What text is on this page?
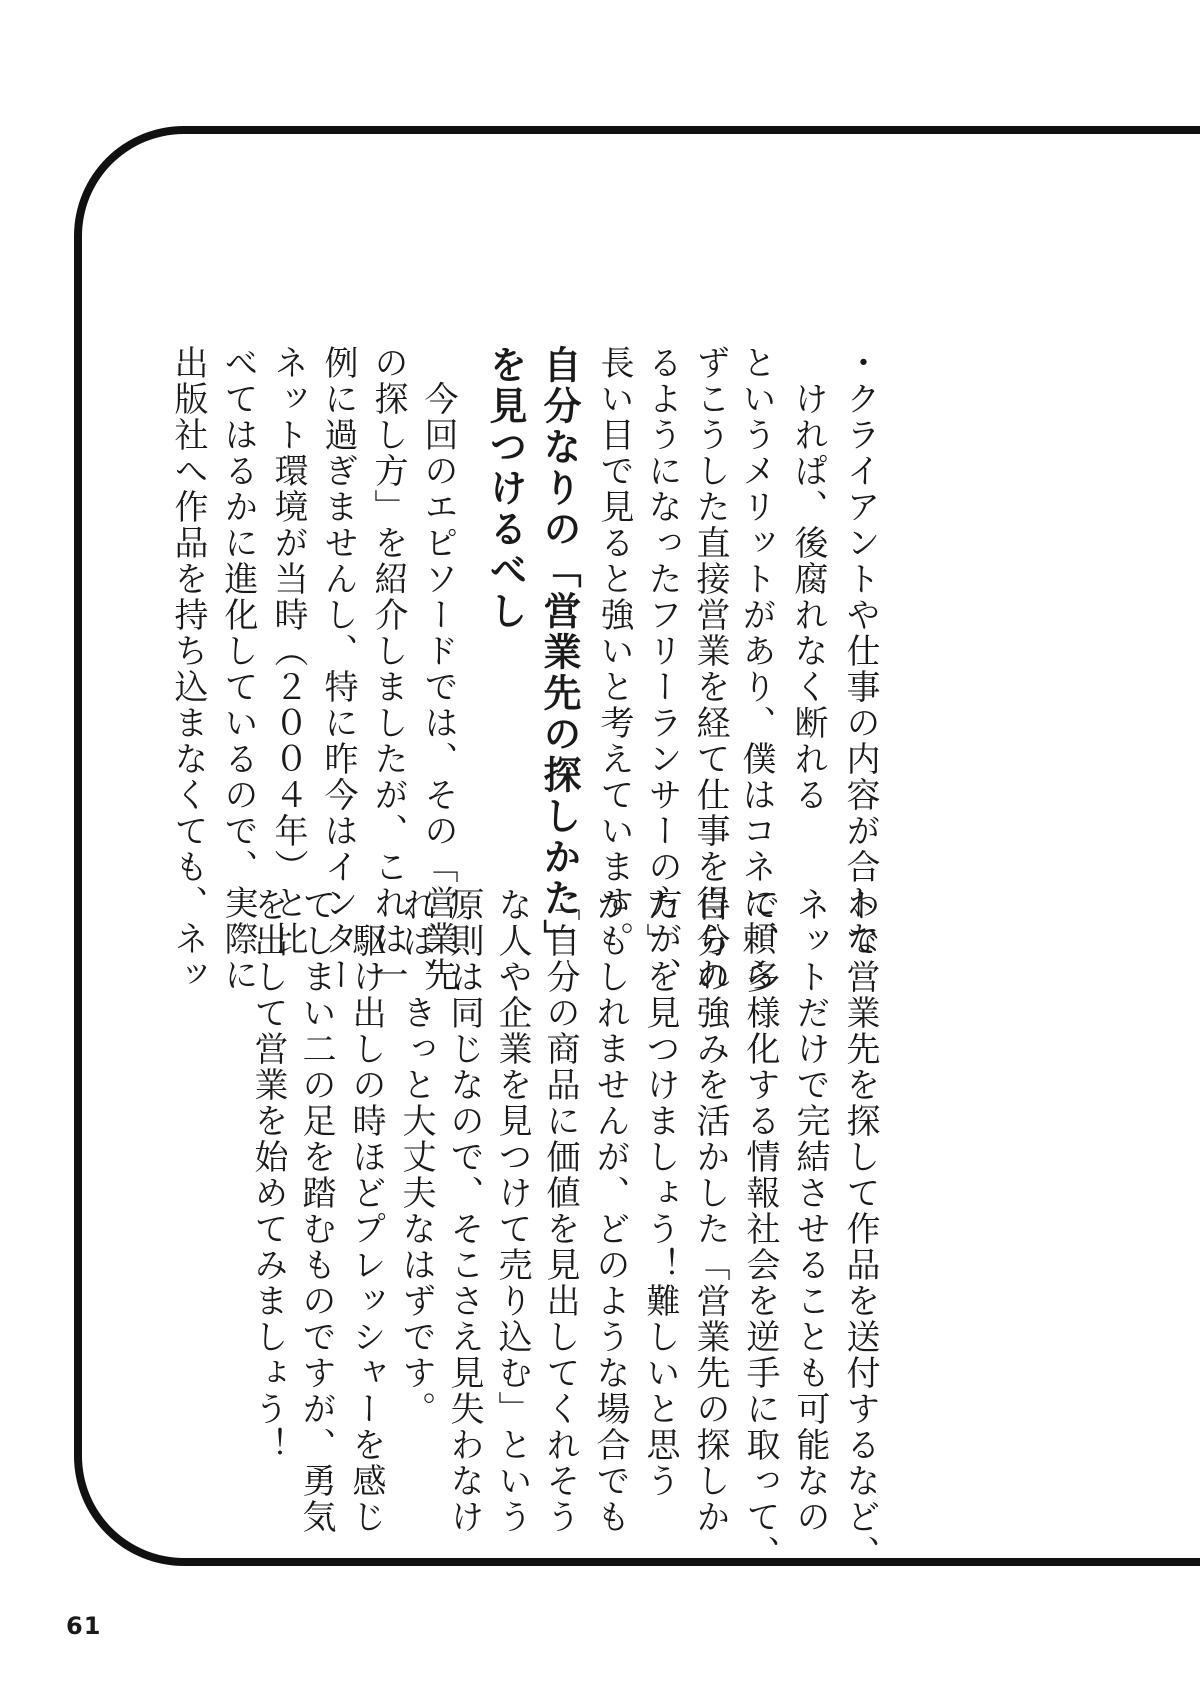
・クライアントや仕事の内容が合わな
　けれぱ、後腐れなく断れる
というメリットがあり、僕はコネに頼ら
ずこうした直接営業を経て仕事を得られ
るようになったフリーランサーの方が、
長い目で見ると強いと考えています。
自分なりの「営業先の探しかた」
を見つけるべし
　今回のエピソードでは、その「営業先
の探し方」を紹介しましたが、これは一
例に過ぎませんし、特に昨今はインター
ネット環境が当時（２００４年）と比
べてはるかに進化しているので、実際に
出版社へ作品を持ち込まなくても、ネッ
トで営業先を探して作品を送付するなど、
ネットだけで完結させることも可能なの
で、多様化する情報社会を逆手に取って、
自分の強みを活かした「営業先の探しか
た」を見つけましょう！難しいと思う
かもしれませんが、どのような場合でも
「自分の商品に価値を見出してくれそう
な人や企業を見つけて売り込む」という
原則は同じなので、そこさえ見失わなけ
れば、きっと大丈夫なはずです。
　駆け出しの時ほどプレッシャーを感じ
てしまい二の足を踏むものですが、勇気
を出して営業を始めてみましょう！
61
